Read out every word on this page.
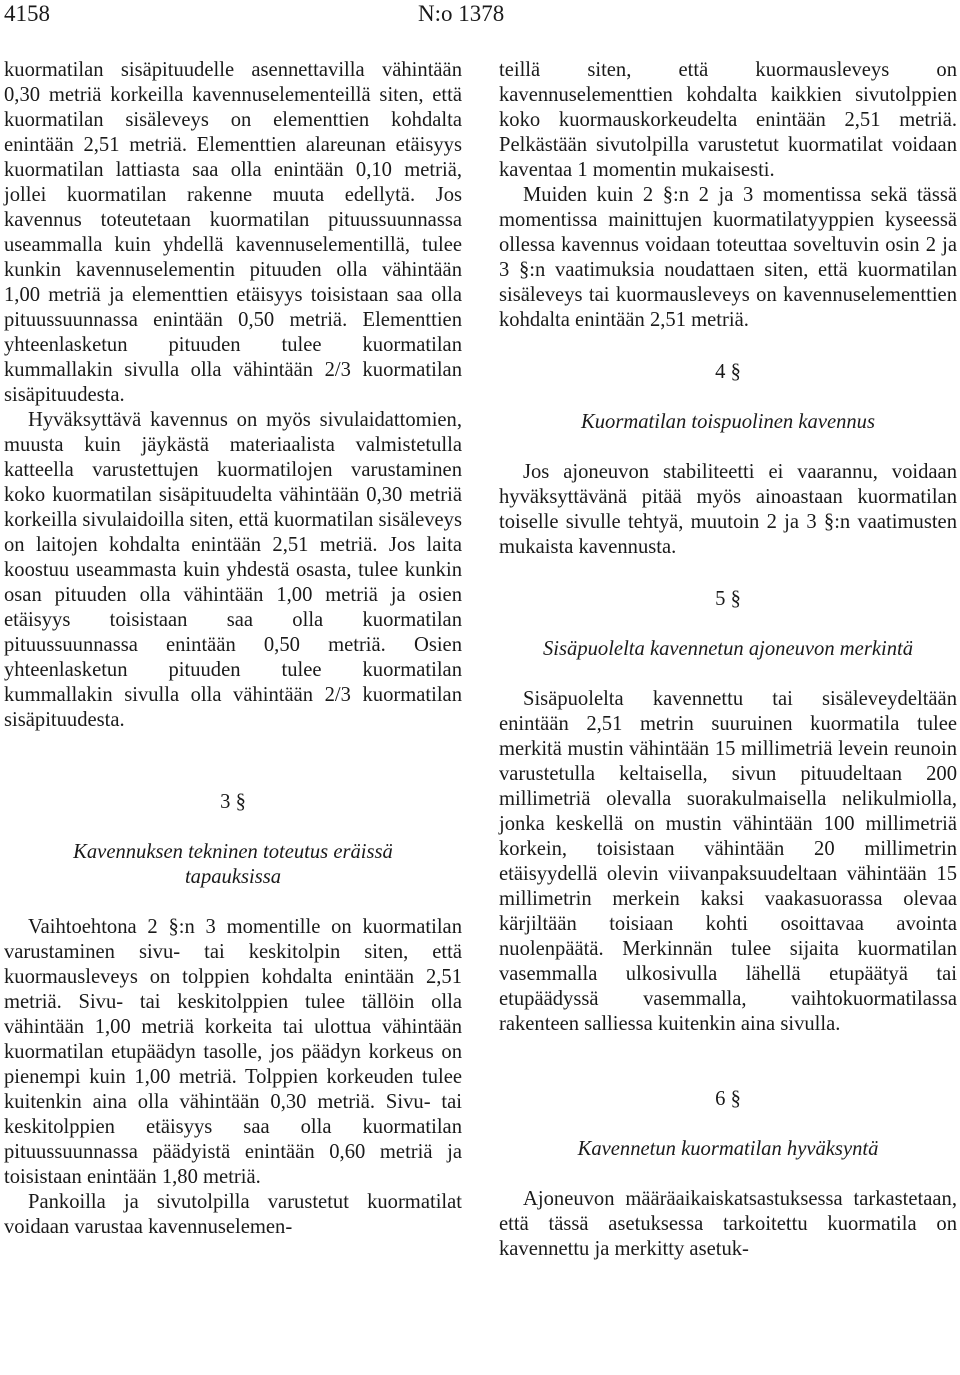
4158	N:o 1378

kuormatilan sisäpituudelle asennettavilla vähintään 0,30 metriä korkeilla kavennuselementeillä siten, että kuormatilan sisäleveys on elementtien kohdalta enintään 2,51 metriä. Elementtien alareunan etäisyys kuormatilan lattiasta saa olla enintään 0,10 metriä, jollei kuormatilan rakenne muuta edellytä. Jos kavennus toteutetaan kuormatilan pituussuunnassa useammalla kuin yhdellä kavennuselementillä, tulee kunkin kavennuselementin pituuden olla vähintään 1,00 metriä ja elementtien etäisyys toisistaan saa olla pituussuunnassa enintään 0,50 metriä. Elementtien yhteenlasketun pituuden tulee kuormatilan kummallakin sivulla olla vähintään 2/3 kuormatilan sisäpituudesta.

Hyväksyttävä kavennus on myös sivulaidattomien, muusta kuin jäykästä materiaalista valmistetulla katteella varustettujen kuormatilojen varustaminen koko kuormatilan sisäpituudelta vähintään 0,30 metriä korkeilla sivulaidoilla siten, että kuormatilan sisäleveys on laitojen kohdalta enintään 2,51 metriä. Jos laita koostuu useammasta kuin yhdestä osasta, tulee kunkin osan pituuden olla vähintään 1,00 metriä ja osien etäisyys toisistaan saa olla kuormatilan pituussuunnassa enintään 0,50 metriä. Osien yhteenlasketun pituuden tulee kuormatilan kummallakin sivulla olla vähintään 2/3 kuormatilan sisäpituudesta.

3 §

Kavennuksen tekninen toteutus eräissä

tapauksissa

Vaihtoehtona 2 §:n 3 momentille on kuormatilan varustaminen sivu- tai keskitolpin siten, että kuormausleveys on tolppien kohdalta enintään 2,51 metriä. Sivu- tai keskitolppien tulee tällöin olla vähintään 1,00 metriä korkeita tai ulottua vähintään kuormatilan etupäädyn tasolle, jos päädyn korkeus on pienempi kuin 1,00 metriä. Tolppien korkeuden tulee kuitenkin aina olla vähintään 0,30 metriä. Sivu- tai keskitolppien etäisyys saa olla kuormatilan pituussuunnassa päädyistä enintään 0,60 metriä ja toisistaan enintään 1,80 metriä.

Pankoilla ja sivutolpilla varustetut kuormatilat voidaan varustaa kavennuselemen-

teillä siten, että kuormausleveys on kavennuselementtien kohdalta kaikkien sivutolppien koko kuormauskorkeudelta enintään 2,51 metriä. Pelkästään sivutolpilla varustetut kuormatilat voidaan kaventaa 1 momentin mukaisesti.

Muiden kuin 2 §:n 2 ja 3 momentissa sekä tässä momentissa mainittujen kuormatilatyyppien kyseessä ollessa kavennus voidaan toteuttaa soveltuvin osin 2 ja 3 §:n vaatimuksia noudattaen siten, että kuormatilan sisäleveys tai kuormausleveys on kavennuselementtien kohdalta enintään 2,51 metriä.

4 §

Kuormatilan toispuolinen kavennus

Jos ajoneuvon stabiliteetti ei vaarannu, voidaan hyväksyttävänä pitää myös ainoastaan kuormatilan toiselle sivulle tehtyä, muutoin 2 ja 3 §:n vaatimusten mukaista kavennusta.

5 §

Sisäpuolelta kavennetun ajoneuvon merkintä

Sisäpuolelta kavennettu tai sisäleveydeltään enintään 2,51 metrin suuruinen kuormatila tulee merkitä mustin vähintään 15 millimetriä levein reunoin varustetulla keltaisella, sivun pituudeltaan 200 millimetriä olevalla suorakulmaisella nelikulmiolla, jonka keskellä on mustin vähintään 100 millimetriä korkein, toisistaan vähintään 20 millimetrin etäisyydellä olevin viivanpaksuudeltaan vähintään 15 millimetrin merkein kaksi vaakasuorassa olevaa kärjiltään toisiaan kohti osoittavaa avointa nuolenpäätä. Merkinnän tulee sijaita kuormatilan vasemmalla ulkosivulla lähellä etupäätyä tai etupäädyssä vasemmalla, vaihtokuormatilassa rakenteen salliessa kuitenkin aina sivulla.

6 §

Kavennetun kuormatilan hyväksyntä

Ajoneuvon määräaikaiskatsastuksessa tarkastetaan, että tässä asetuksessa tarkoitettu kuormatila on kavennettu ja merkitty asetuk-
